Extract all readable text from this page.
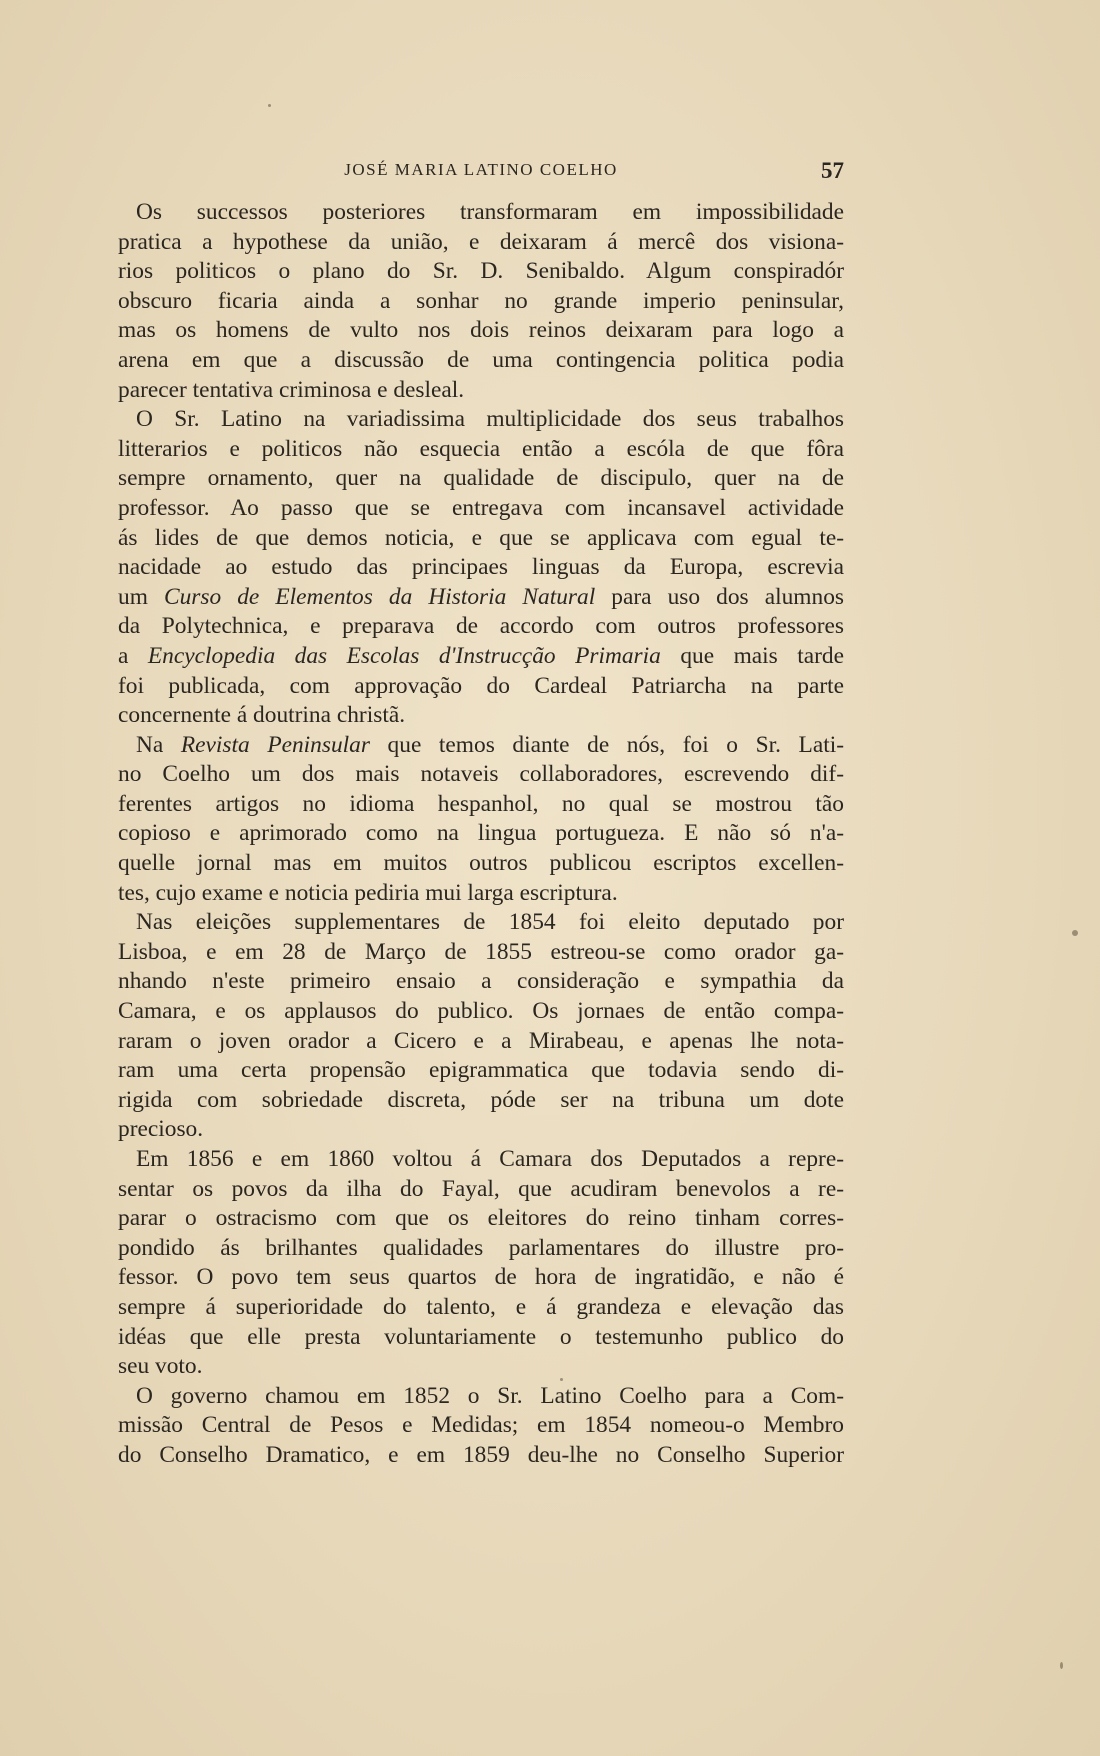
JOSÉ MARIA LATINO COELHO	57
Os successos posteriores transformaram em impossibilidade
pratica a hypothese da união, e deixaram á mercê dos visiona-
rios politicos o plano do Sr. D. Senibaldo. Algum conspiradór
obscuro ficaria ainda a sonhar no grande imperio peninsular,
mas os homens de vulto nos dois reinos deixaram para logo a
arena em que a discussão de uma contingencia politica podia
parecer tentativa criminosa e desleal.
O Sr. Latino na variadissima multiplicidade dos seus trabalhos
litterarios e politicos não esquecia então a escóla de que fôra
sempre ornamento, quer na qualidade de discipulo, quer na de
professor. Ao passo que se entregava com incansavel actividade
ás lides de que demos noticia, e que se applicava com egual te-
nacidade ao estudo das principaes linguas da Europa, escrevia
um Curso de Elementos da Historia Natural para uso dos alumnos
da Polytechnica, e preparava de accordo com outros professores
a Encyclopedia das Escolas d'Instrucção Primaria que mais tarde
foi publicada, com approvação do Cardeal Patriarcha na parte
concernente á doutrina christã.
Na Revista Peninsular que temos diante de nós, foi o Sr. Lati-
no Coelho um dos mais notaveis collaboradores, escrevendo dif-
ferentes artigos no idioma hespanhol, no qual se mostrou tão
copioso e aprimorado como na lingua portugueza. E não só n'a-
quelle jornal mas em muitos outros publicou escriptos excellen-
tes, cujo exame e noticia pediria mui larga escriptura.
Nas eleições supplementares de 1854 foi eleito deputado por
Lisboa, e em 28 de Março de 1855 estreou-se como orador ga-
nhando n'este primeiro ensaio a consideração e sympathia da
Camara, e os applausos do publico. Os jornaes de então compa-
raram o joven orador a Cicero e a Mirabeau, e apenas lhe nota-
ram uma certa propensão epigrammatica que todavia sendo di-
rigida com sobriedade discreta, póde ser na tribuna um dote
precioso.
Em 1856 e em 1860 voltou á Camara dos Deputados a repre-
sentar os povos da ilha do Fayal, que acudiram benevolos a re-
parar o ostracismo com que os eleitores do reino tinham corres-
pondido ás brilhantes qualidades parlamentares do illustre pro-
fessor. O povo tem seus quartos de hora de ingratidão, e não é
sempre á superioridade do talento, e á grandeza e elevação das
idéas que elle presta voluntariamente o testemunho publico do
seu voto.
O governo chamou em 1852 o Sr. Latino Coelho para a Com-
missão Central de Pesos e Medidas; em 1854 nomeou-o Membro
do Conselho Dramatico, e em 1859 deu-lhe no Conselho Superior
